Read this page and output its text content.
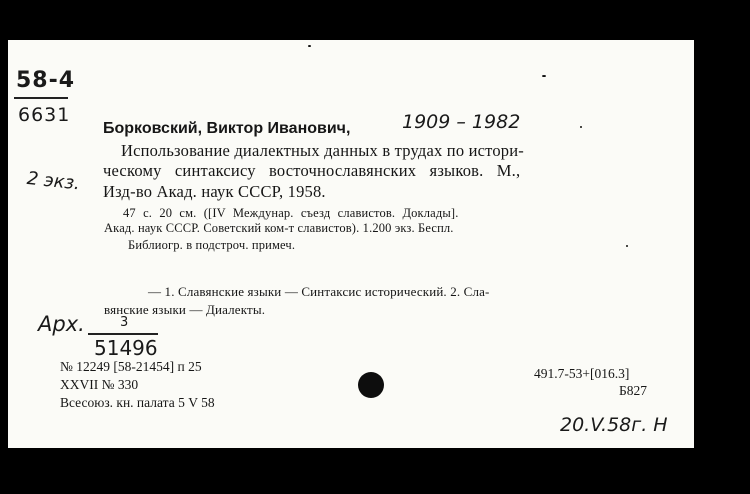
58-4
6631
2 экз.
Борковский, Виктор Иванович,	1909 – 1982
Использование диалектных данных в трудах по истори-
ческому синтаксису восточнославянских языков. М.,
Изд-во Акад. наук СССР, 1958.
47 с. 20 см. ([IV Междунар. съезд славистов. Доклады].
Акад. наук СССР. Советский ком-т славистов). 1.200 экз. Беспл.
Библиогр. в подстроч. примеч.
— 1. Славянские языки — Синтаксис исторический. 2. Сла-
вянские языки — Диалекты.
Арх.	3
51496
№ 12249 [58-21454] п 25
XXVII № 330
Всесоюз. кн. палата 5 V 58
491.7-53+[016.3]
Б827
20.V.58г. Н
